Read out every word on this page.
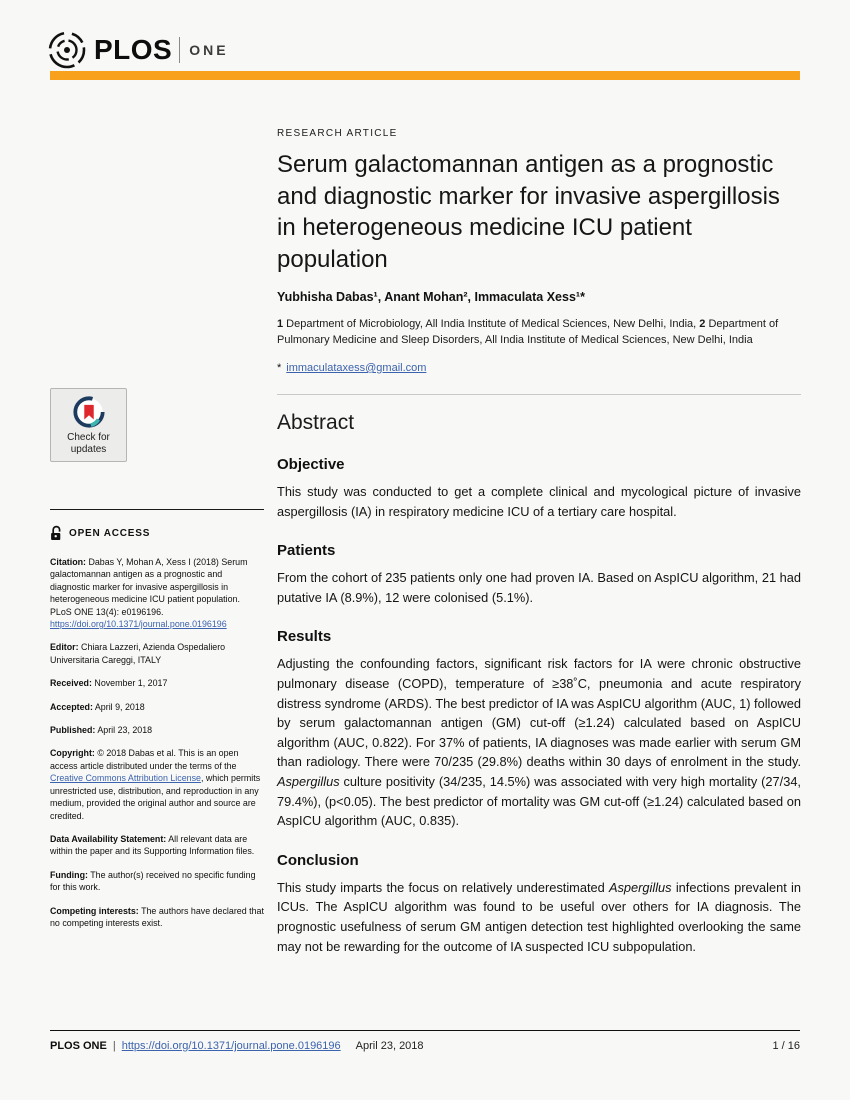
PLOS ONE
Check for
updates
OPEN ACCESS

Citation: Dabas Y, Mohan A, Xess I (2018) Serum galactomannan antigen as a prognostic and diagnostic marker for invasive aspergillosis in heterogeneous medicine ICU patient population. PLoS ONE 13(4): e0196196. https://doi.org/10.1371/journal.pone.0196196

Editor: Chiara Lazzeri, Azienda Ospedaliero Universitaria Careggi, ITALY

Received: November 1, 2017

Accepted: April 9, 2018

Published: April 23, 2018

Copyright: © 2018 Dabas et al. This is an open access article distributed under the terms of the Creative Commons Attribution License, which permits unrestricted use, distribution, and reproduction in any medium, provided the original author and source are credited.

Data Availability Statement: All relevant data are within the paper and its Supporting Information files.

Funding: The author(s) received no specific funding for this work.

Competing interests: The authors have declared that no competing interests exist.

RESEARCH ARTICLE
Serum galactomannan antigen as a prognostic and diagnostic marker for invasive aspergillosis in heterogeneous medicine ICU patient population
Yubhisha Dabas¹, Anant Mohan², Immaculata Xess¹*

1 Department of Microbiology, All India Institute of Medical Sciences, New Delhi, India, 2 Department of Pulmonary Medicine and Sleep Disorders, All India Institute of Medical Sciences, New Delhi, India

* immaculataxess@gmail.com

Abstract
Objective

This study was conducted to get a complete clinical and mycological picture of invasive aspergillosis (IA) in respiratory medicine ICU of a tertiary care hospital.

Patients

From the cohort of 235 patients only one had proven IA. Based on AspICU algorithm, 21 had putative IA (8.9%), 12 were colonised (5.1%).

Results

Adjusting the confounding factors, significant risk factors for IA were chronic obstructive pulmonary disease (COPD), temperature of ≥38˚C, pneumonia and acute respiratory distress syndrome (ARDS). The best predictor of IA was AspICU algorithm (AUC, 1) followed by serum galactomannan antigen (GM) cut-off (≥1.24) calculated based on AspICU algorithm (AUC, 0.822). For 37% of patients, IA diagnoses was made earlier with serum GM than radiology. There were 70/235 (29.8%) deaths within 30 days of enrolment in the study. Aspergillus culture positivity (34/235, 14.5%) was associated with very high mortality (27/34, 79.4%), (p<0.05). The best predictor of mortality was GM cut-off (≥1.24) calculated based on AspICU algorithm (AUC, 0.835).

Conclusion

This study imparts the focus on relatively underestimated Aspergillus infections prevalent in ICUs. The AspICU algorithm was found to be useful over others for IA diagnosis. The prognostic usefulness of serum GM antigen detection test highlighted overlooking the same may not be rewarding for the outcome of IA suspected ICU subpopulation.

PLOS ONE | https://doi.org/10.1371/journal.pone.0196196 April 23, 2018	1 / 16
